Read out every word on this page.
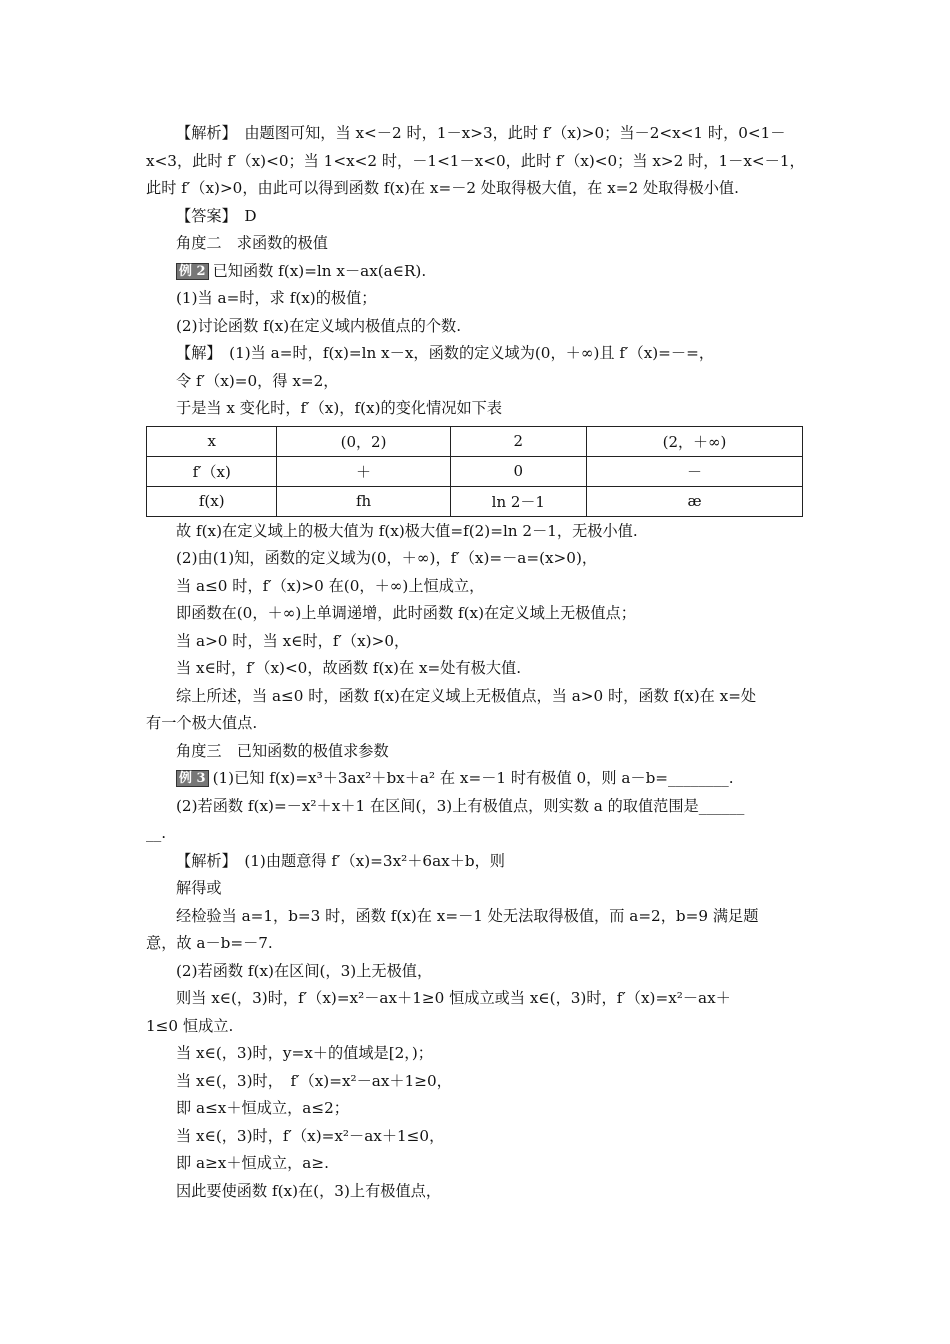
【解析】　由题图可知，当 x<－2 时，1－x>3，此时 f′（x)>0；当－2<x<1 时，0<1－
x<3，此时 f′（x)<0；当 1<x<2 时，－1<1－x<0，此时 f′（x)<0；当 x>2 时，1－x<－1，
此时 f′（x)>0，由此可以得到函数 f(x)在 x=－2 处取得极大值，在 x=2 处取得极小值.
【答案】　D
角度二　求函数的极值
例 2 已知函数 f(x)=ln x－ax(a∈R).
(1)当 a=时，求 f(x)的极值；
(2)讨论函数 f(x)在定义域内极值点的个数.
【解】　(1)当 a=时，f(x)=ln x－x，函数的定义域为(0，＋∞)且 f′（x)=－=，
令 f′（x)=0，得 x=2，
于是当 x 变化时，f′（x)，f(x)的变化情况如下表
x	(0，2)	2	(2，＋∞)
f′（x)	＋	0	－
f(x)	fh	ln 2－1	æ
故 f(x)在定义域上的极大值为 f(x)极大值=f(2)=ln 2－1，无极小值.
(2)由(1)知，函数的定义域为(0，＋∞)，f′（x)=－a=(x>0)，
当 a≤0 时，f′（x)>0 在(0，＋∞)上恒成立，
即函数在(0，＋∞)上单调递增，此时函数 f(x)在定义域上无极值点；
当 a>0 时，当 x∈时，f′（x)>0，
当 x∈时，f′（x)<0，故函数 f(x)在 x=处有极大值.
综上所述，当 a≤0 时，函数 f(x)在定义域上无极值点，当 a>0 时，函数 f(x)在 x=处
有一个极大值点.
角度三　已知函数的极值求参数
例 3 (1)已知 f(x)=x³＋3ax²＋bx＋a² 在 x=－1 时有极值 0，则 a－b=________.
(2)若函数 f(x)=－x²＋x＋1 在区间(，3)上有极值点，则实数 a 的取值范围是______
__.
【解析】　(1)由题意得 f′（x)=3x²＋6ax＋b，则
解得或
经检验当 a=1，b=3 时，函数 f(x)在 x=－1 处无法取得极值，而 a=2，b=9 满足题
意，故 a－b=－7.
(2)若函数 f(x)在区间(，3)上无极值，
则当 x∈(，3)时，f′（x)=x²－ax＋1≥0 恒成立或当 x∈(，3)时，f′（x)=x²－ax＋
1≤0 恒成立.
当 x∈(，3)时，y=x＋的值域是[2，)；
当 x∈(，3)时，　f′（x)=x²－ax＋1≥0，
即 a≤x＋恒成立，a≤2；
当 x∈(，3)时，f′（x)=x²－ax＋1≤0，
即 a≥x＋恒成立，a≥.
因此要使函数 f(x)在(，3)上有极值点，
